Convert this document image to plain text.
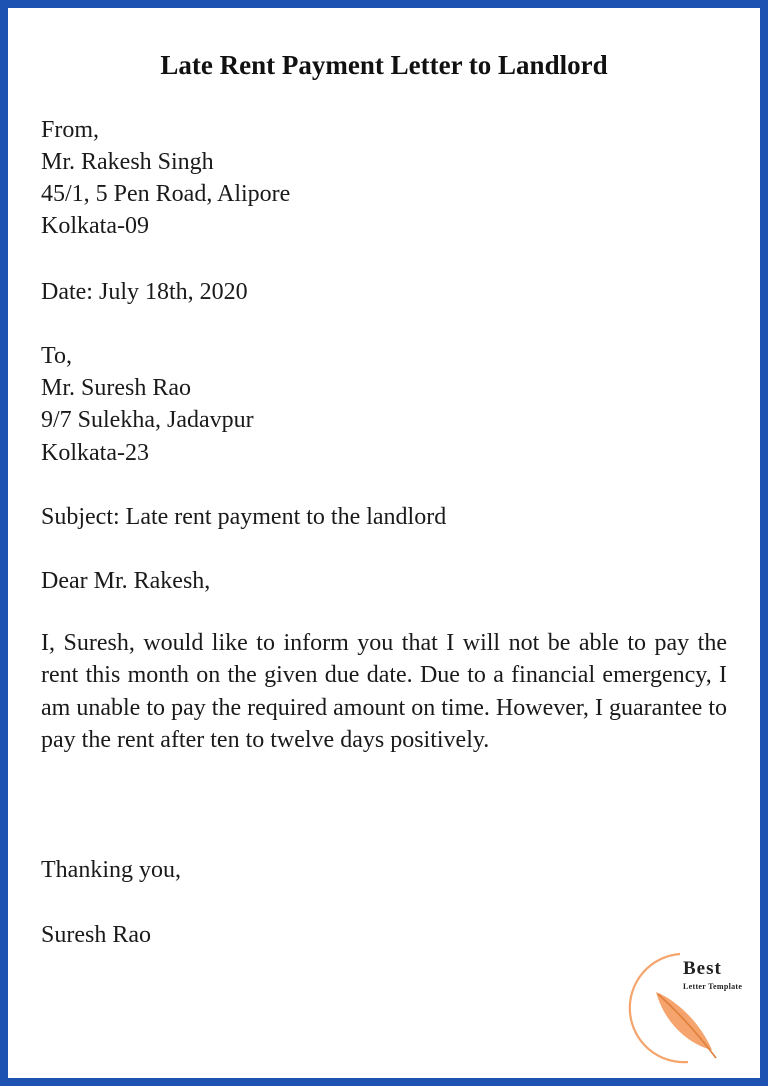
Late Rent Payment Letter to Landlord
From,
Mr. Rakesh Singh
45/1, 5 Pen Road, Alipore
Kolkata-09
Date: July 18th, 2020
To,
Mr. Suresh Rao
9/7 Sulekha, Jadavpur
Kolkata-23
Subject: Late rent payment to the landlord
Dear Mr. Rakesh,
I, Suresh, would like to inform you that I will not be able to pay the rent this month on the given due date. Due to a financial emergency, I am unable to pay the required amount on time. However, I guarantee to pay the rent after ten to twelve days positively.
Thanking you,
Suresh Rao
Best
Letter Template
